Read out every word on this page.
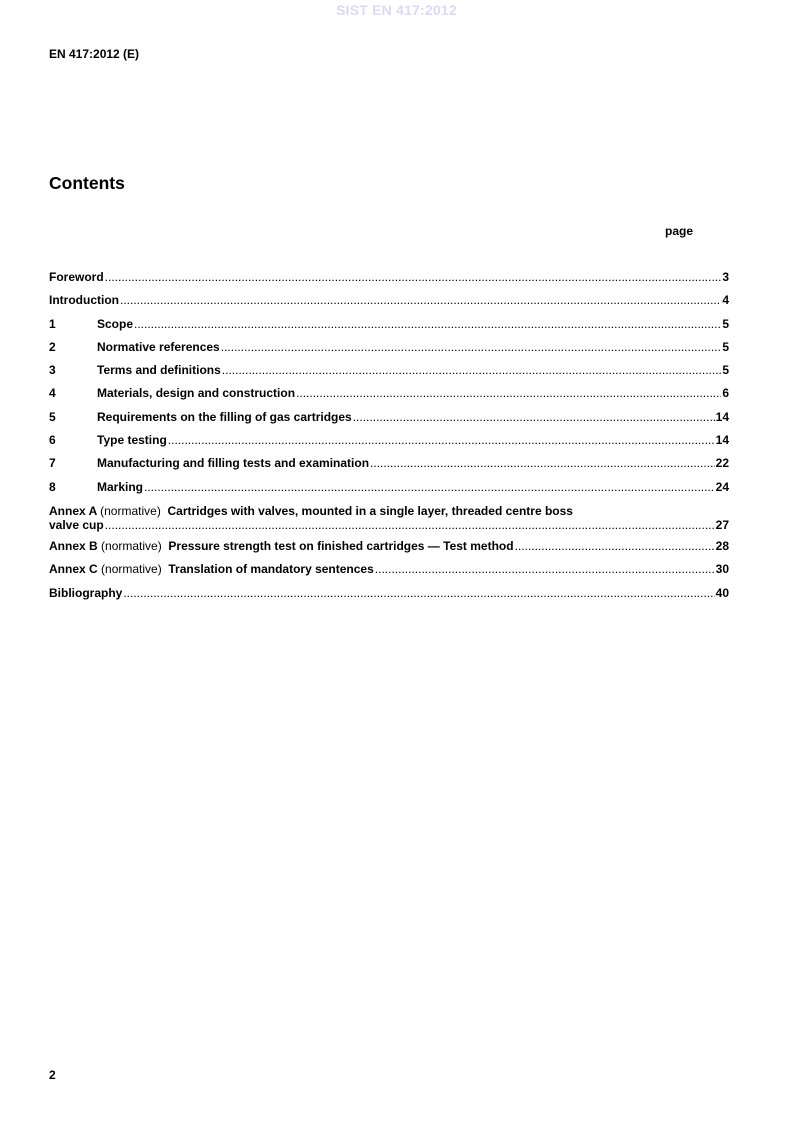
SIST EN 417:2012
EN 417:2012 (E)
Contents
page
Foreword .....	3
Introduction .....	4
1	Scope .....	5
2	Normative references .....	5
3	Terms and definitions .....	5
4	Materials, design and construction .....	6
5	Requirements on the filling of gas cartridges .....	14
6	Type testing .....	14
7	Manufacturing and filling tests and examination .....	22
8	Marking .....	24
Annex A (normative) Cartridges with valves, mounted in a single layer, threaded centre boss
valve cup .....	27
Annex B (normative) Pressure strength test on finished cartridges — Test method .....	28
Annex C (normative) Translation of mandatory sentences .....	30
Bibliography .....	40
2
